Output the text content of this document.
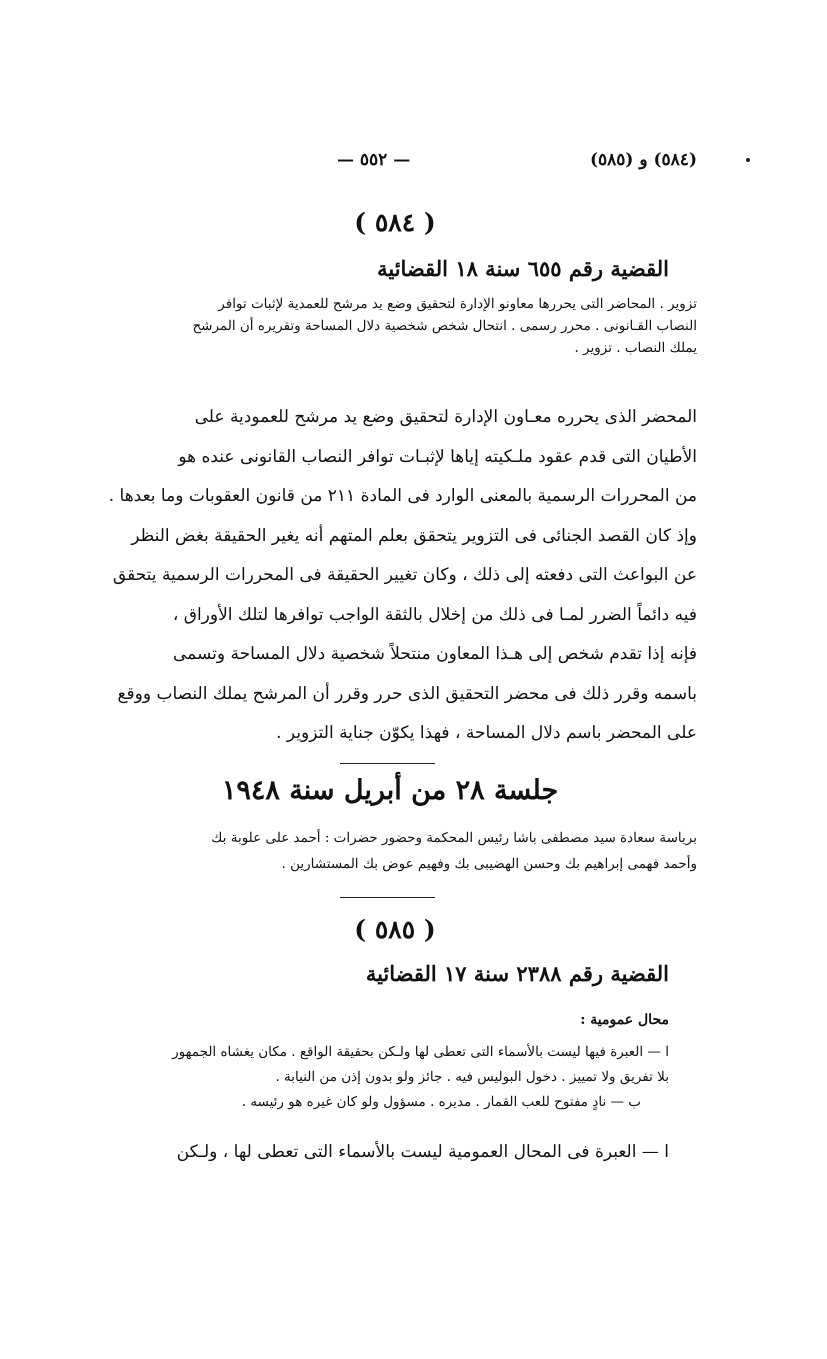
(٥٨٤) و (٥٨٥)
— ٥٥٢ —
( ٥٨٤ )
القضية رقم ٦٥٥ سنة ١٨ القضائية

تزوير . المحاضر التى يحررها معاونو الإدارة لتحقيق وضع يد مرشح للعمدية لإثبات توافر

النصاب القـانونى . محرر رسمى . انتحال شخص شخصية دلال المساحة وتقريره أن المرشح

يملك النصاب . تزوير .

المحضر الذى يحرره معـاون الإدارة لتحقيق وضع يد مرشح للعمودية على

الأطيان التى قدم عقود ملـكيته إياها لإثبـات توافر النصاب القانونى عنده هو

من المحررات الرسمية بالمعنى الوارد فى المادة ٢١١ من قانون العقوبات وما بعدها .

وإذ كان القصد الجنائى فى التزوير يتحقق بعلم المتهم أنه يغير الحقيقة بغض النظر

عن البواعث التى دفعته إلى ذلك ، وكان تغيير الحقيقة فى المحررات الرسمية يتحقق

فيه دائماً الضرر لمـا فى ذلك من إخلال بالثقة الواجب توافرها لتلك الأوراق ،

فإنه إذا تقدم شخص إلى هـذا المعاون منتحلاً شخصية دلال المساحة وتسمى

باسمه وقرر ذلك فى محضر التحقيق الذى حرر وقرر أن المرشح يملك النصاب ووقع

على المحضر باسم دلال المساحة ، فهذا يكوّن جناية التزوير .

جلسة ٢٨ من أبريل سنة ١٩٤٨

برياسة سعادة سيد مصطفى باشا رئيس المحكمة وحضور حضرات : أحمد على علوبة بك

وأحمد فهمى إبراهيم بك وحسن الهضيبى بك وفهيم عوض بك المستشارين .

( ٥٨٥ )
القضية رقم ٢٣٨٨ سنة ١٧ القضائية
محال عمومية :

ا — العبرة فيها ليست بالأسماء التى تعطى لها ولـكن بحقيقة الواقع . مكان يغشاه الجمهور

بلا تفريق ولا تمييز . دخول البوليس فيه . جائز ولو بدون إذن من النيابة .

ب — نادٍ مفتوح للعب القمار . مديره . مسؤول ولو كان غيره هو رئيسه .

ا — العبرة فى المحال العمومية ليست بالأسماء التى تعطى لها ، ولـكن
